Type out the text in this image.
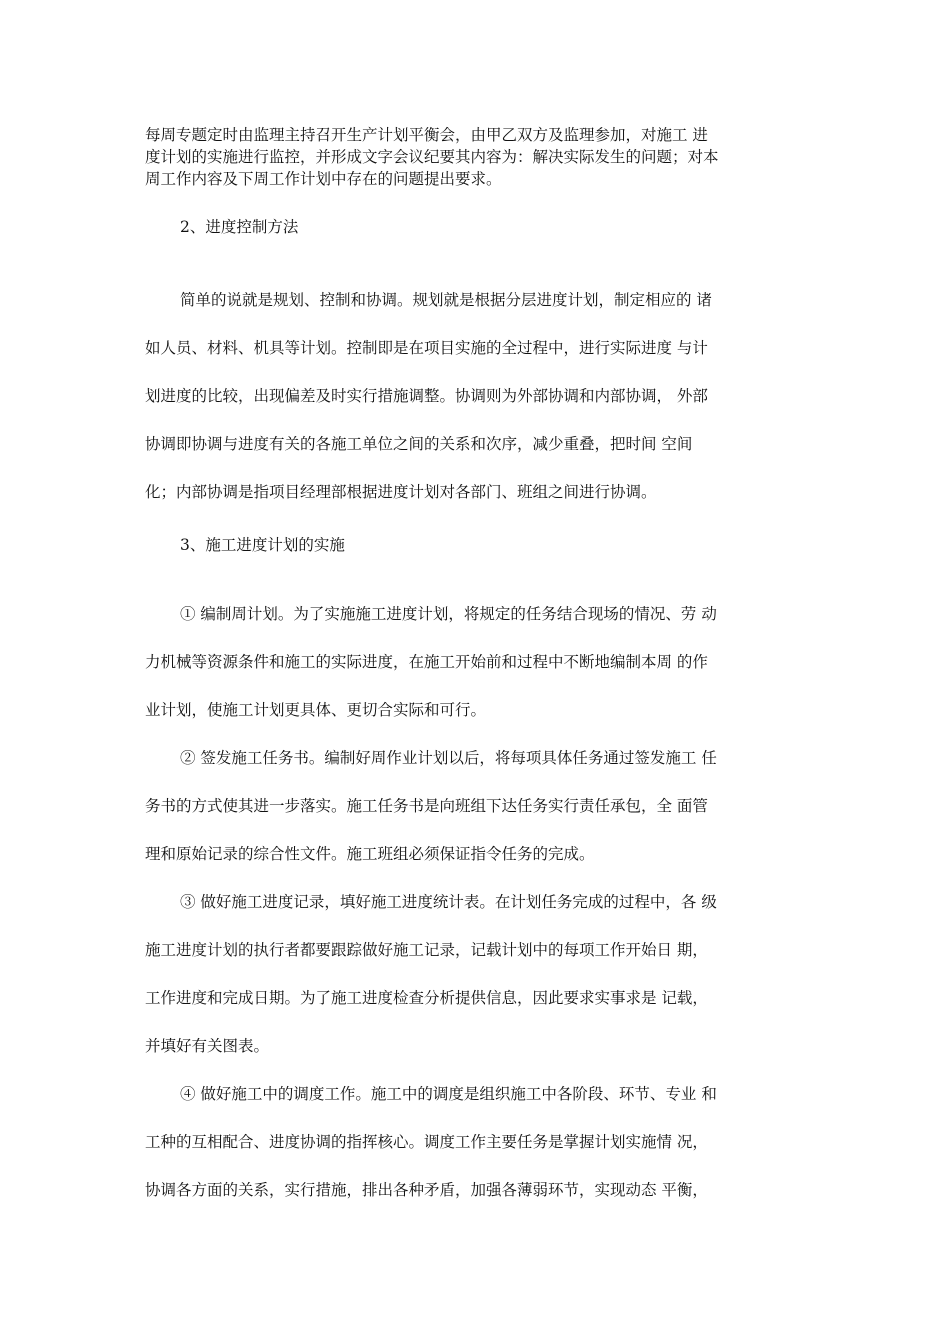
每周专题定时由监理主持召开生产计划平衡会，由甲乙双方及监理参加，对施工 进
度计划的实施进行监控，并形成文字会议纪要其内容为：解决实际发生的问题；对本
周工作内容及下周工作计划中存在的问题提出要求。
2、进度控制方法
简单的说就是规划、控制和协调。规划就是根据分层进度计划，制定相应的 诸
如人员、材料、机具等计划。控制即是在项目实施的全过程中，进行实际进度 与计
划进度的比较，出现偏差及时实行措施调整。协调则为外部协调和内部协调， 外部
协调即协调与进度有关的各施工单位之间的关系和次序，减少重叠，把时间 空间
化；内部协调是指项目经理部根据进度计划对各部门、班组之间进行协调。
3、施工进度计划的实施
① 编制周计划。为了实施施工进度计划，将规定的任务结合现场的情况、劳 动
力机械等资源条件和施工的实际进度，在施工开始前和过程中不断地编制本周 的作
业计划，使施工计划更具体、更切合实际和可行。
② 签发施工任务书。编制好周作业计划以后，将每项具体任务通过签发施工 任
务书的方式使其进一步落实。施工任务书是向班组下达任务实行责任承包，全 面管
理和原始记录的综合性文件。施工班组必须保证指令任务的完成。
③ 做好施工进度记录，填好施工进度统计表。在计划任务完成的过程中，各 级
施工进度计划的执行者都要跟踪做好施工记录，记载计划中的每项工作开始日 期，
工作进度和完成日期。为了施工进度检查分析提供信息，因此要求实事求是 记载，
并填好有关图表。
④ 做好施工中的调度工作。施工中的调度是组织施工中各阶段、环节、专业 和
工种的互相配合、进度协调的指挥核心。调度工作主要任务是掌握计划实施情 况，
协调各方面的关系，实行措施，排出各种矛盾，加强各薄弱环节，实现动态 平衡，
